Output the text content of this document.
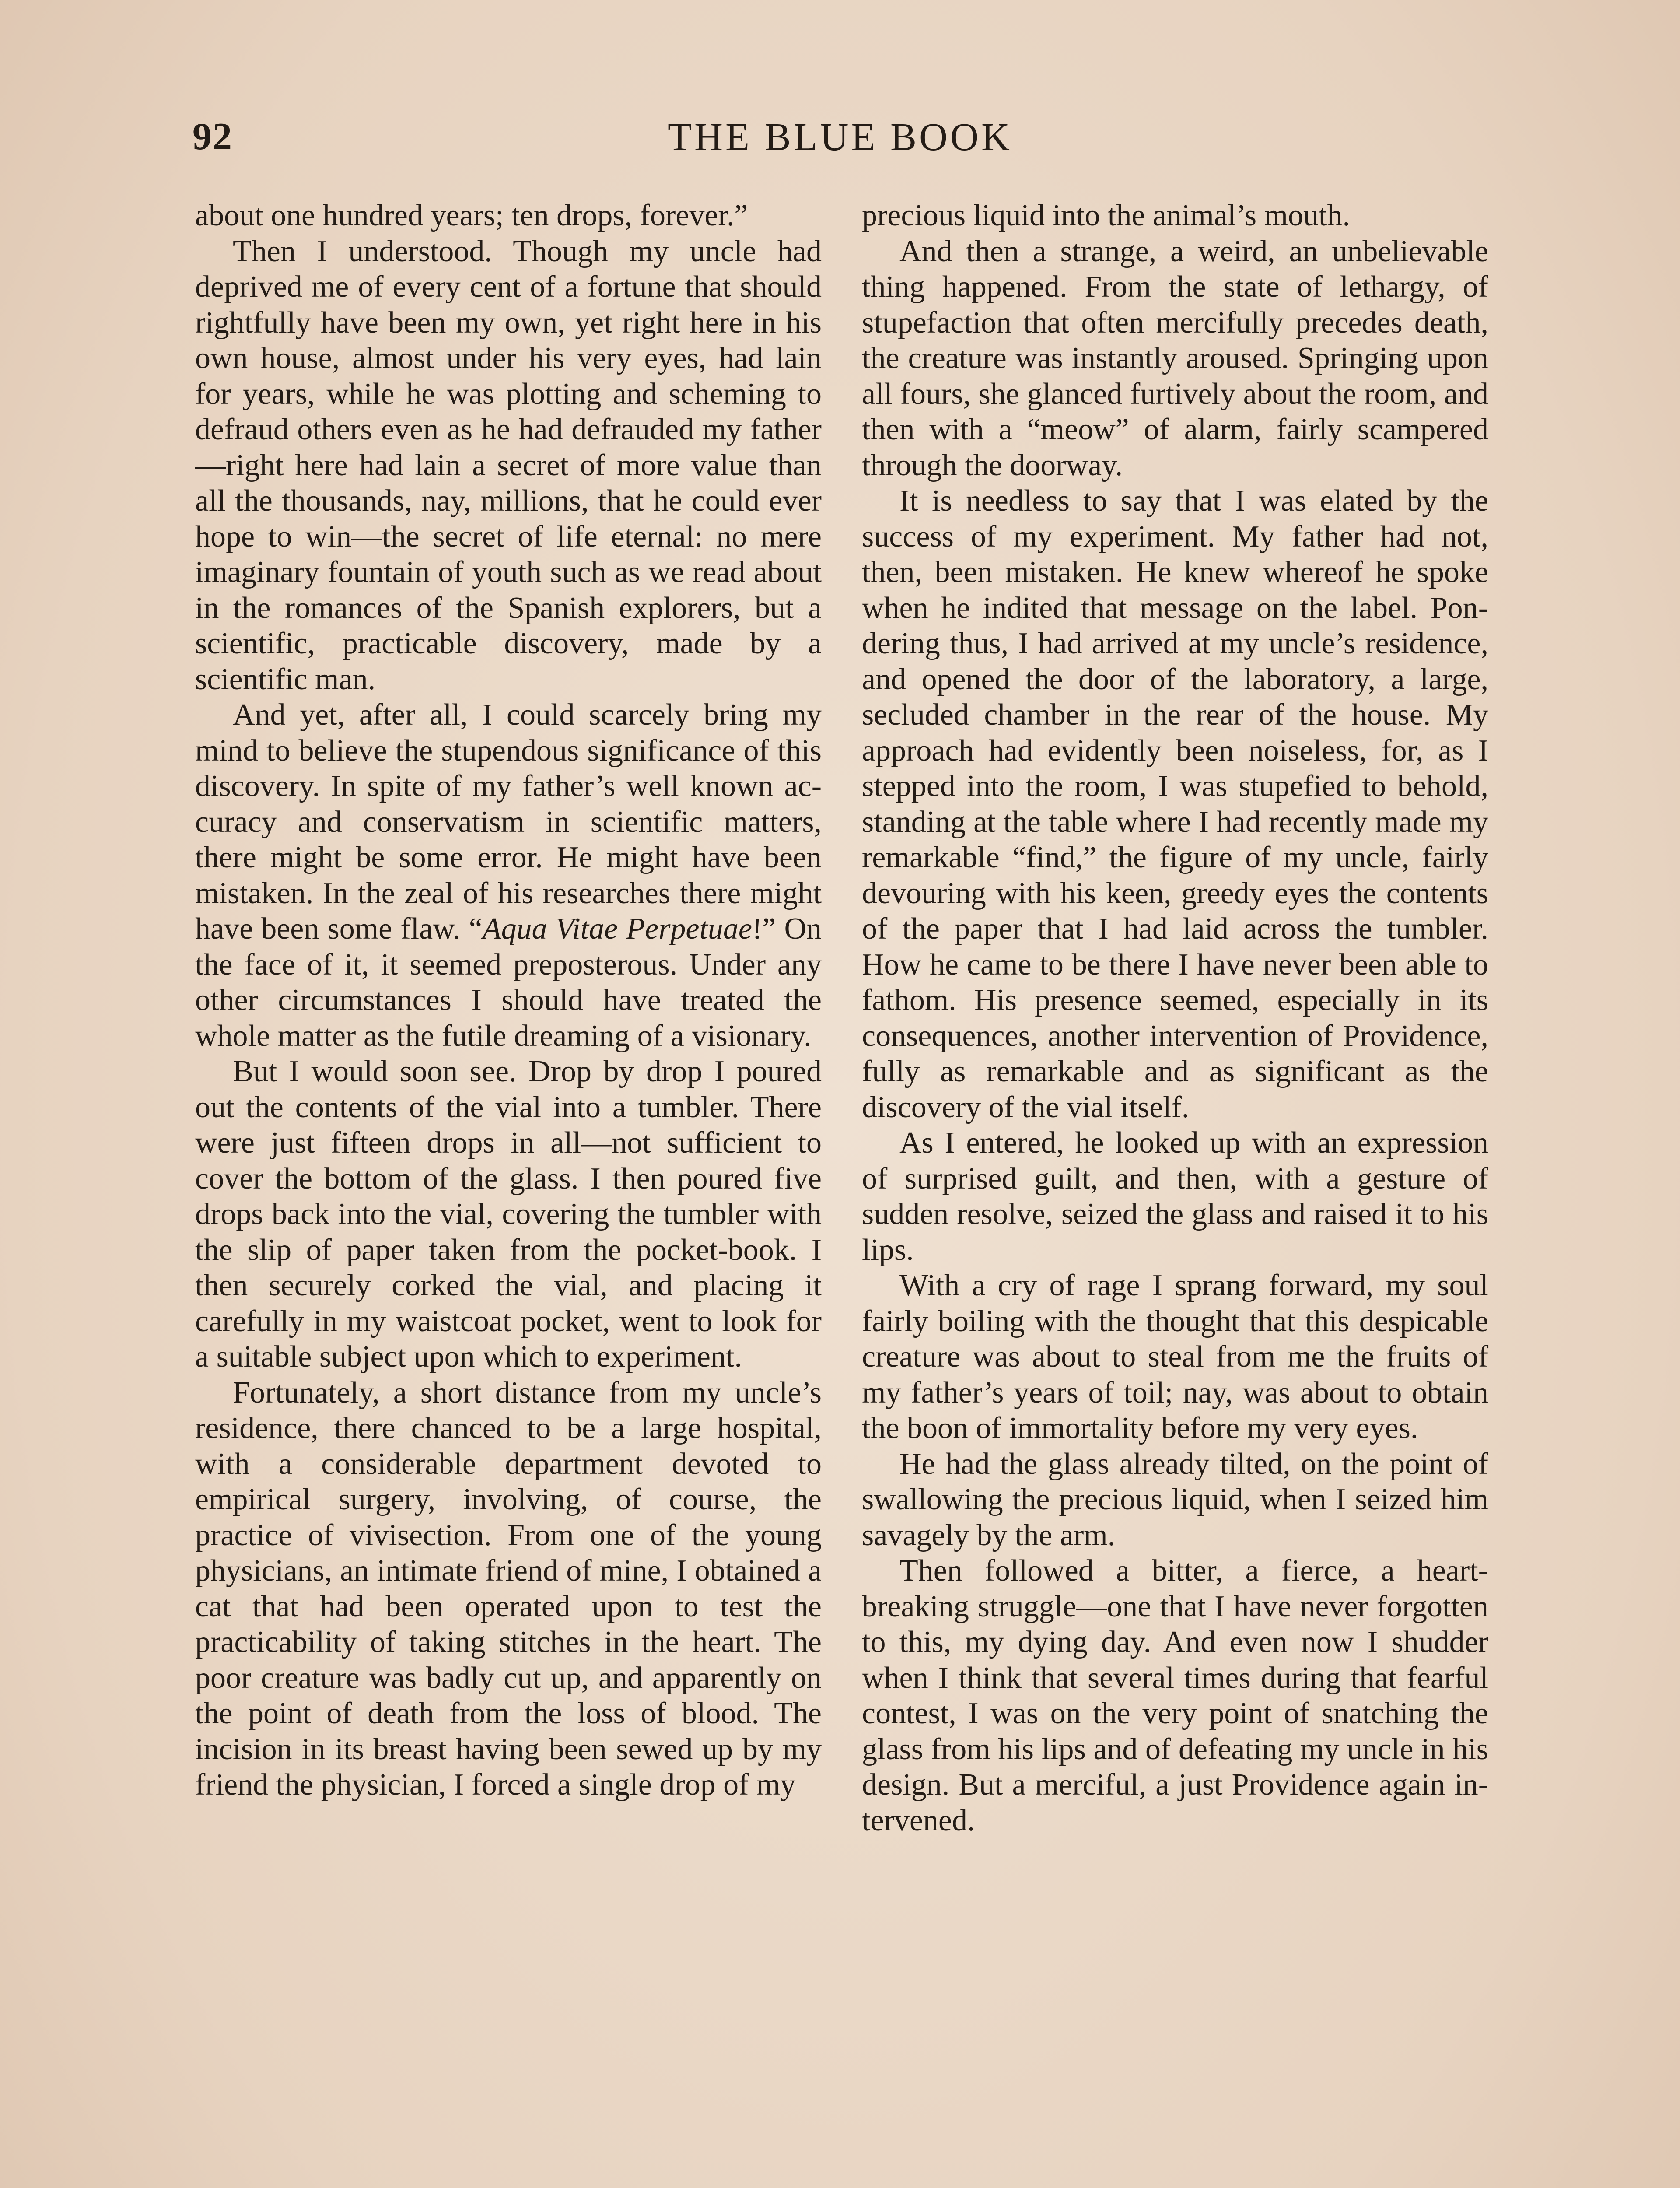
92	THE BLUE BOOK

about one hundred years; ten drops, forever.”

Then I understood. Though my uncle had deprived me of every cent of a fortune that should rightfully have been my own, yet right here in his own house, almost under his very eyes, had lain for years, while he was plotting and scheming to defraud others even as he had defrauded my father—right here had lain a secret of more value than all the thousands, nay, millions, that he could ever hope to win—the secret of life eternal: no mere imaginary fountain of youth such as we read about in the romances of the Spanish explorers, but a scientific, practicable discovery, made by a scientific man.

And yet, after all, I could scarcely bring my mind to believe the stupendous significance of this discovery. In spite of my father’s well known accuracy and conservatism in scientific matters, there might be some error. He might have been mistaken. In the zeal of his researches there might have been some flaw. “Aqua Vitae Perpetuae!” On the face of it, it seemed preposterous. Under any other circumstances I should have treated the whole matter as the futile dreaming of a visionary.

But I would soon see. Drop by drop I poured out the contents of the vial into a tumbler. There were just fifteen drops in all—not sufficient to cover the bottom of the glass. I then poured five drops back into the vial, covering the tumbler with the slip of paper taken from the pocket-book. I then securely corked the vial, and placing it carefully in my waistcoat pocket, went to look for a suitable subject upon which to experiment.

Fortunately, a short distance from my uncle’s residence, there chanced to be a large hospital, with a considerable department devoted to empirical surgery, involving, of course, the practice of vivisection. From one of the young physicians, an intimate friend of mine, I obtained a cat that had been operated upon to test the practicability of taking stitches in the heart. The poor creature was badly cut up, and apparently on the point of death from the loss of blood. The incision in its breast having been sewed up by my friend the physician, I forced a single drop of my

precious liquid into the animal’s mouth.

And then a strange, a weird, an unbelievable thing happened. From the state of lethargy, of stupefaction that often mercifully precedes death, the creature was instantly aroused. Springing upon all fours, she glanced furtively about the room, and then with a “meow” of alarm, fairly scampered through the doorway.

It is needless to say that I was elated by the success of my experiment. My father had not, then, been mistaken. He knew whereof he spoke when he indited that message on the label. Pondering thus, I had arrived at my uncle’s residence, and opened the door of the laboratory, a large, secluded chamber in the rear of the house. My approach had evidently been noiseless, for, as I stepped into the room, I was stupefied to behold, standing at the table where I had recently made my remarkable “find,” the figure of my uncle, fairly devouring with his keen, greedy eyes the contents of the paper that I had laid across the tumbler. How he came to be there I have never been able to fathom. His presence seemed, especially in its consequences, another intervention of Providence, fully as remarkable and as significant as the discovery of the vial itself.

As I entered, he looked up with an expression of surprised guilt, and then, with a gesture of sudden resolve, seized the glass and raised it to his lips.

With a cry of rage I sprang forward, my soul fairly boiling with the thought that this despicable creature was about to steal from me the fruits of my father’s years of toil; nay, was about to obtain the boon of immortality before my very eyes.

He had the glass already tilted, on the point of swallowing the precious liquid, when I seized him savagely by the arm.

Then followed a bitter, a fierce, a heart-breaking struggle—one that I have never forgotten to this, my dying day. And even now I shudder when I think that several times during that fearful contest, I was on the very point of snatching the glass from his lips and of defeating my uncle in his design. But a merciful, a just Providence again intervened.
